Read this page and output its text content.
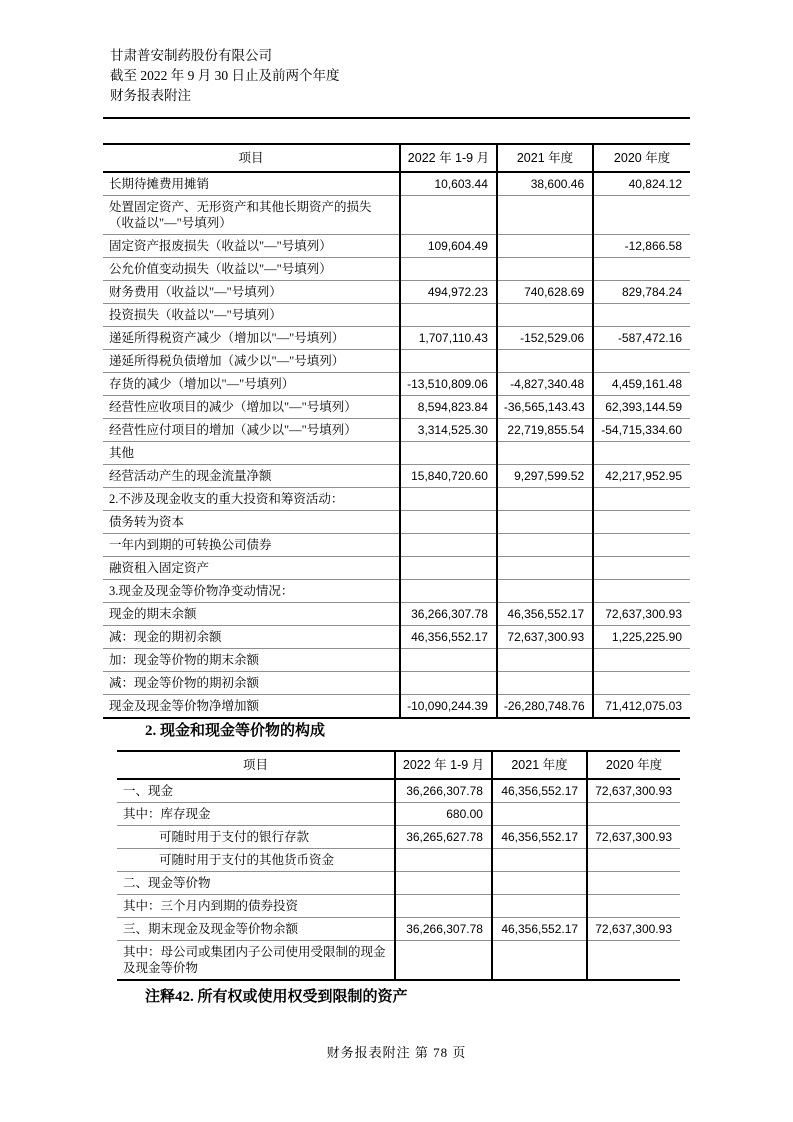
甘肃普安制药股份有限公司
截至 2022 年 9 月 30 日止及前两个年度
财务报表附注
项目	2022 年 1-9 月	2021 年度	2020 年度
长期待摊费用摊销	10,603.44	38,600.46	40,824.12
处置固定资产、无形资产和其他长期资产的损失（收益以"—"号填列）			
固定资产报废损失（收益以"—"号填列）	109,604.49		-12,866.58
公允价值变动损失（收益以"—"号填列）			
财务费用（收益以"—"号填列）	494,972.23	740,628.69	829,784.24
投资损失（收益以"—"号填列）			
递延所得税资产减少（增加以"—"号填列）	1,707,110.43	-152,529.06	-587,472.16
递延所得税负债增加（减少以"—"号填列）			
存货的减少（增加以"—"号填列）	-13,510,809.06	-4,827,340.48	4,459,161.48
经营性应收项目的减少（增加以"—"号填列）	8,594,823.84	-36,565,143.43	62,393,144.59
经营性应付项目的增加（减少以"—"号填列）	3,314,525.30	22,719,855.54	-54,715,334.60
其他			
经营活动产生的现金流量净额	15,840,720.60	9,297,599.52	42,217,952.95
2.不涉及现金收支的重大投资和筹资活动：			
债务转为资本			
一年内到期的可转换公司债券			
融资租入固定资产			
3.现金及现金等价物净变动情况：			
现金的期末余额	36,266,307.78	46,356,552.17	72,637,300.93
减：现金的期初余额	46,356,552.17	72,637,300.93	1,225,225.90
加：现金等价物的期末余额			
减：现金等价物的期初余额			
现金及现金等价物净增加额	-10,090,244.39	-26,280,748.76	71,412,075.03
2. 现金和现金等价物的构成
项目	2022 年 1-9 月	2021 年度	2020 年度
一、现金	36,266,307.78	46,356,552.17	72,637,300.93
其中：库存现金	680.00		
可随时用于支付的银行存款	36,265,627.78	46,356,552.17	72,637,300.93
可随时用于支付的其他货币资金			
二、现金等价物			
其中：三个月内到期的债券投资			
三、期末现金及现金等价物余额	36,266,307.78	46,356,552.17	72,637,300.93
其中：母公司或集团内子公司使用受限制的现金及现金等价物			
注释42. 所有权或使用权受到限制的资产
财务报表附注 第 78 页
